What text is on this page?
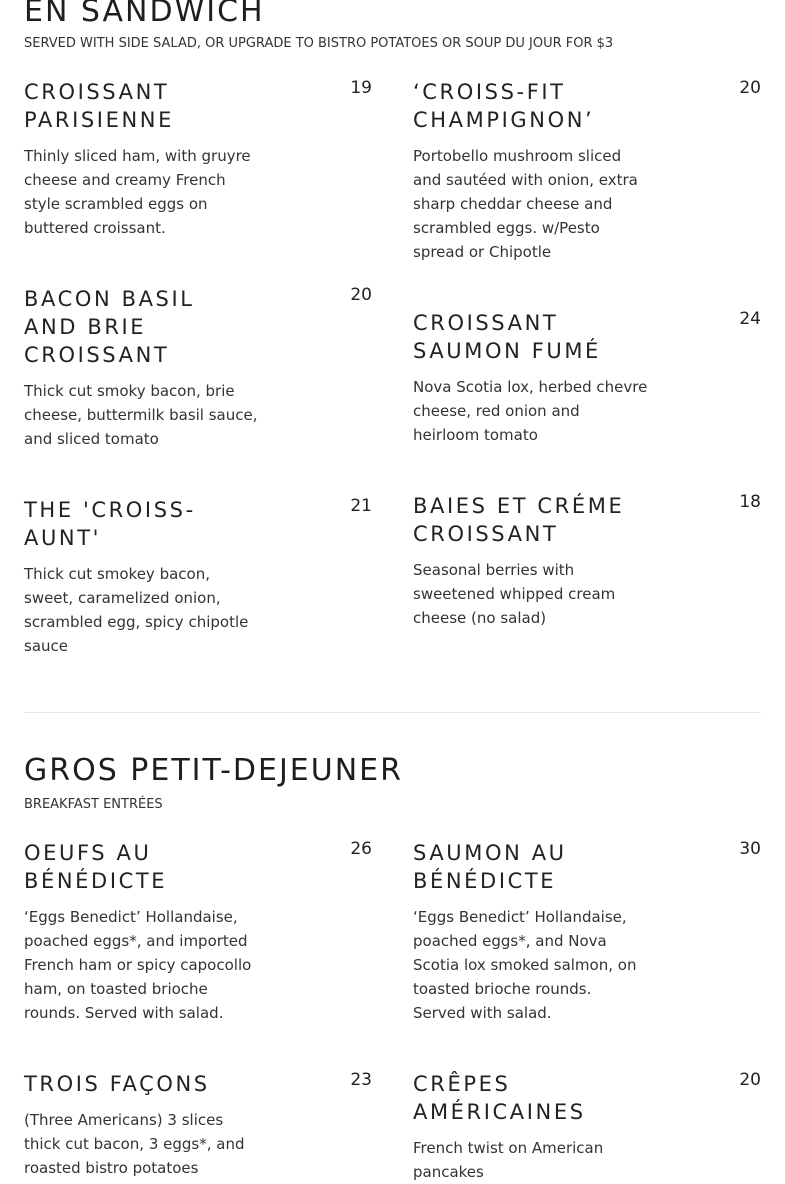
EN SANDWICH

SERVED WITH SIDE SALAD, OR UPGRADE TO BISTRO POTATOES OR SOUP DU JOUR FOR $3

CROISSANT
PARISIENNE
19

Thinly sliced ham, with gruyre
cheese and creamy French
style scrambled eggs on
buttered croissant.

‘CROISS-FIT
CHAMPIGNON’
20

Portobello mushroom sliced
and sautéed with onion, extra
sharp cheddar cheese and
scrambled eggs. w/Pesto
spread or Chipotle

BACON BASIL
AND BRIE
CROISSANT
20

Thick cut smoky bacon, brie
cheese, buttermilk basil sauce,
and sliced tomato

CROISSANT
SAUMON FUMÉ
24

Nova Scotia lox, herbed chevre
cheese, red onion and
heirloom tomato

THE 'CROISS-
AUNT'
21

Thick cut smokey bacon,
sweet, caramelized onion,
scrambled egg, spicy chipotle
sauce

BAIES ET CRÉME
CROISSANT
18

Seasonal berries with
sweetened whipped cream
cheese (no salad)

GROS PETIT-DEJEUNER

BREAKFAST ENTRÉES

OEUFS AU
BÉNÉDICTE
26

‘Eggs Benedict’ Hollandaise,
poached eggs*, and imported
French ham or spicy capocollo
ham, on toasted brioche
rounds. Served with salad.

SAUMON AU
BÉNÉDICTE
30

‘Eggs Benedict’ Hollandaise,
poached eggs*, and Nova
Scotia lox smoked salmon, on
toasted brioche rounds.
Served with salad.

TROIS FAÇONS	23

(Three Americans) 3 slices
thick cut bacon, 3 eggs*, and
roasted bistro potatoes

CRÊPES
AMÉRICAINES
20

French twist on American
pancakes
